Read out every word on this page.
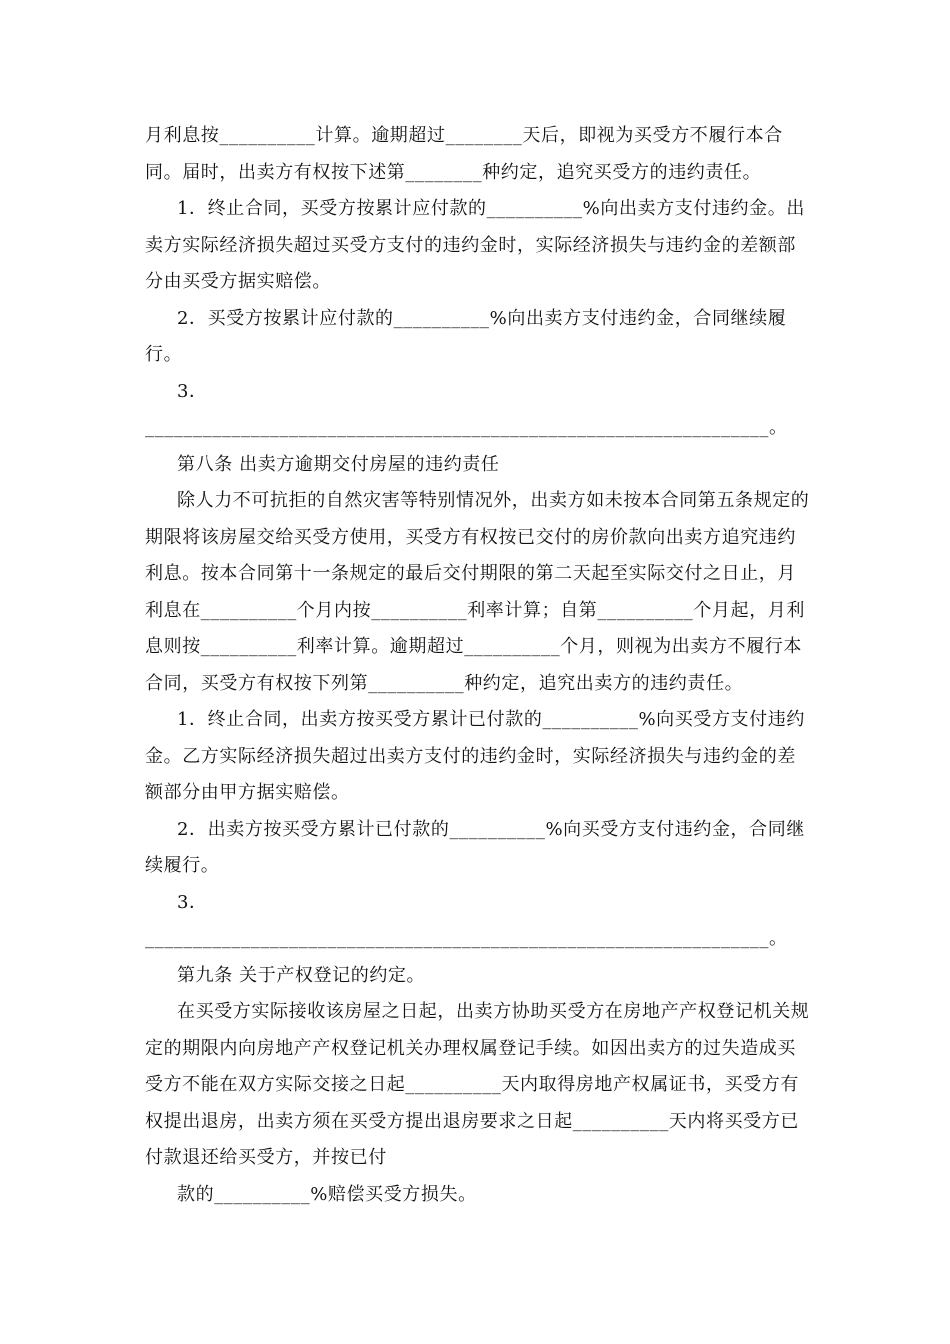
月利息按__________计算。逾期超过________天后，即视为买受方不履行本合同。届时，出卖方有权按下述第________种约定，追究买受方的违约责任。

1．终止合同，买受方按累计应付款的__________%向出卖方支付违约金。出卖方实际经济损失超过买受方支付的违约金时，实际经济损失与违约金的差额部分由买受方据实赔偿。

2．买受方按累计应付款的__________%向出卖方支付违约金，合同继续履行。

3．_________________________________________________________________。

第八条 出卖方逾期交付房屋的违约责任

除人力不可抗拒的自然灾害等特别情况外，出卖方如未按本合同第五条规定的期限将该房屋交给买受方使用，买受方有权按已交付的房价款向出卖方追究违约利息。按本合同第十一条规定的最后交付期限的第二天起至实际交付之日止，月利息在__________个月内按__________利率计算；自第__________个月起，月利息则按__________利率计算。逾期超过__________个月，则视为出卖方不履行本合同，买受方有权按下列第__________种约定，追究出卖方的违约责任。

1．终止合同，出卖方按买受方累计已付款的__________%向买受方支付违约金。乙方实际经济损失超过出卖方支付的违约金时，实际经济损失与违约金的差额部分由甲方据实赔偿。

2．出卖方按买受方累计已付款的__________%向买受方支付违约金，合同继续履行。

3．_________________________________________________________________。

第九条 关于产权登记的约定。

在买受方实际接收该房屋之日起，出卖方协助买受方在房地产产权登记机关规定的期限内向房地产产权登记机关办理权属登记手续。如因出卖方的过失造成买受方不能在双方实际交接之日起__________天内取得房地产权属证书，买受方有权提出退房，出卖方须在买受方提出退房要求之日起__________天内将买受方已付款退还给买受方，并按已付

款的__________%赔偿买受方损失。
